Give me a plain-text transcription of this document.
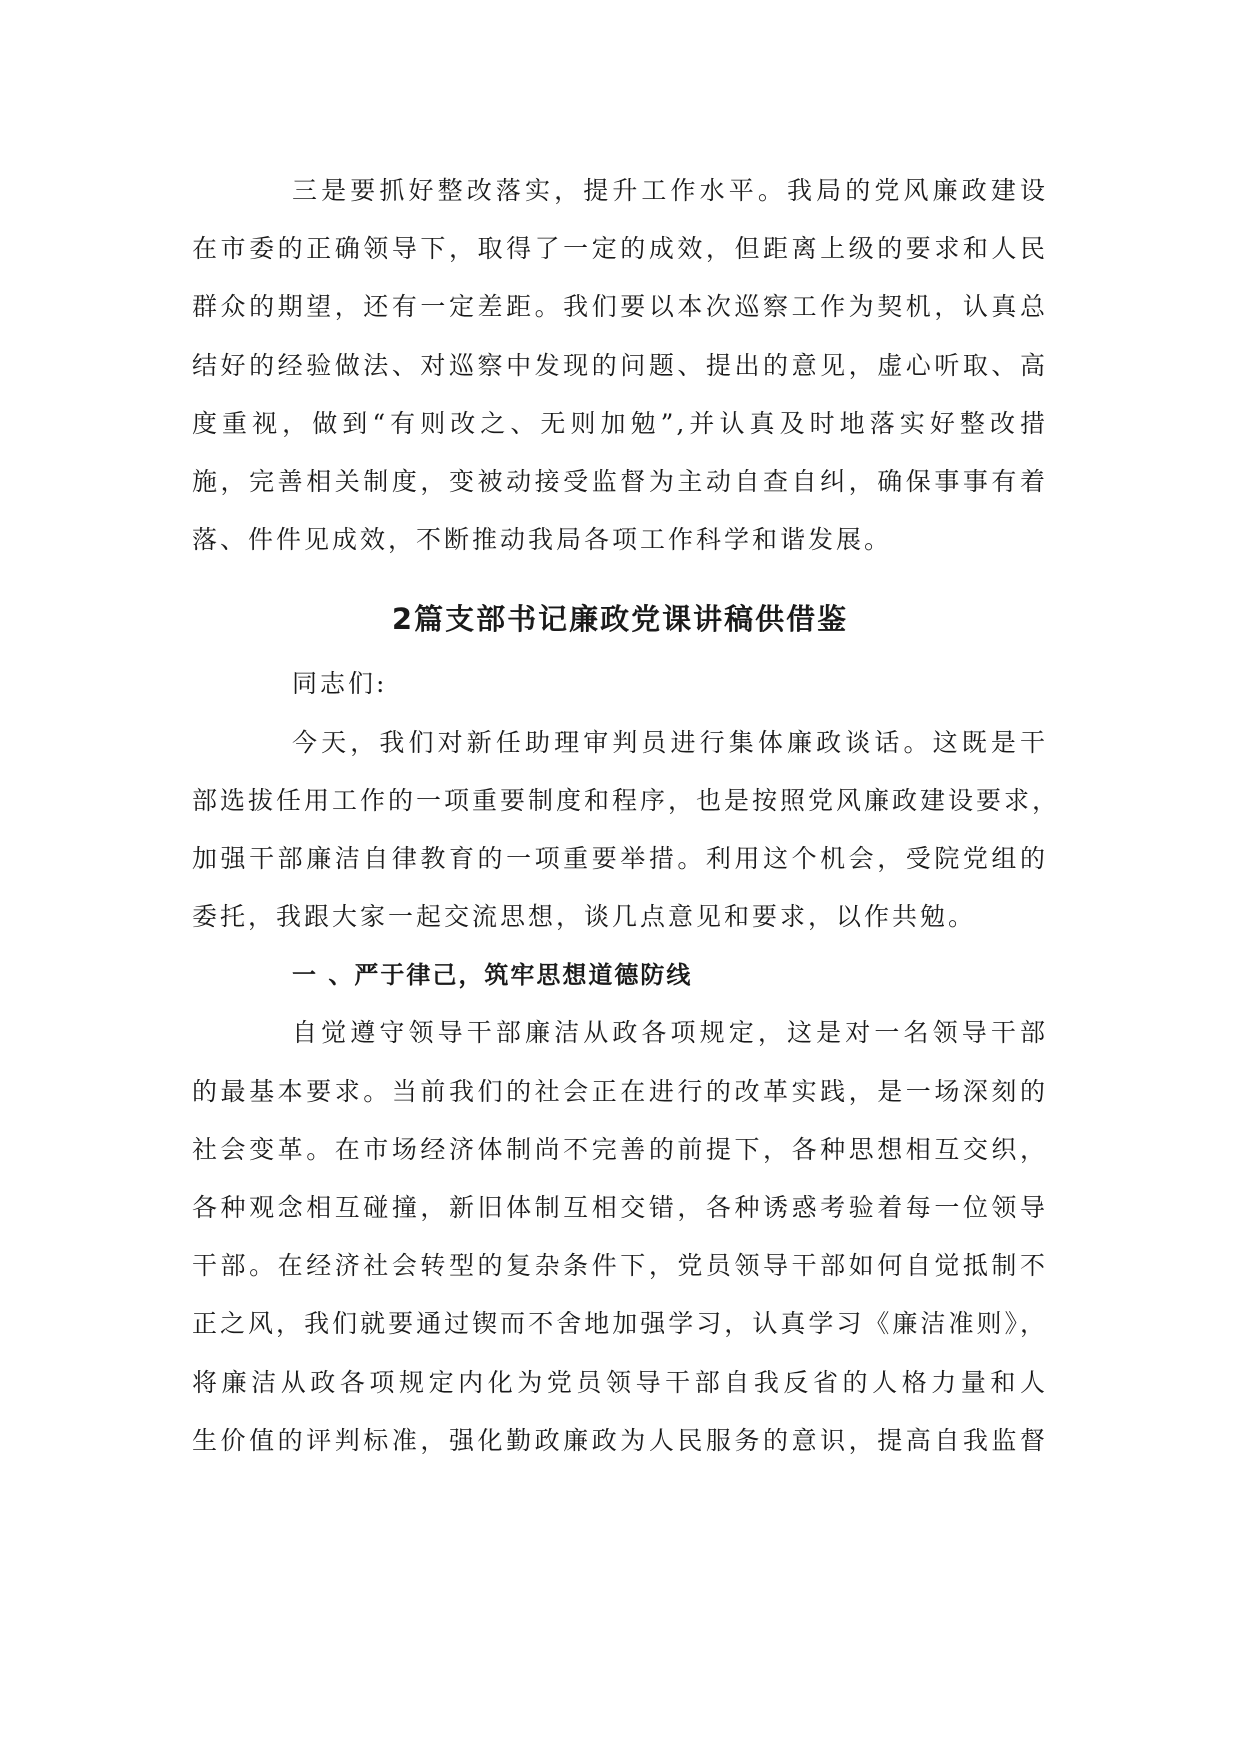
三是要抓好整改落实，提升工作水平。我局的党风廉政建设
在市委的正确领导下，取得了一定的成效，但距离上级的要求和人民
群众的期望，还有一定差距。我们要以本次巡察工作为契机，认真总
结好的经验做法、对巡察中发现的问题、提出的意见，虚心听取、高
度重视，做到“有则改之、无则加勉”,并认真及时地落实好整改措
施，完善相关制度，变被动接受监督为主动自查自纠，确保事事有着
落、件件见成效，不断推动我局各项工作科学和谐发展。
2篇支部书记廉政党课讲稿供借鉴
同志们:
今天，我们对新任助理审判员进行集体廉政谈话。这既是干
部选拔任用工作的一项重要制度和程序，也是按照党风廉政建设要求，
加强干部廉洁自律教育的一项重要举措。利用这个机会，受院党组的
委托，我跟大家一起交流思想，谈几点意见和要求，以作共勉。
一 、严于律己，筑牢思想道德防线
自觉遵守领导干部廉洁从政各项规定，这是对一名领导干部
的最基本要求。当前我们的社会正在进行的改革实践，是一场深刻的
社会变革。在市场经济体制尚不完善的前提下，各种思想相互交织，
各种观念相互碰撞，新旧体制互相交错，各种诱惑考验着每一位领导
干部。在经济社会转型的复杂条件下，党员领导干部如何自觉抵制不
正之风，我们就要通过锲而不舍地加强学习，认真学习《廉洁准则》，
将廉洁从政各项规定内化为党员领导干部自我反省的人格力量和人
生价值的评判标准，强化勤政廉政为人民服务的意识，提高自我监督
